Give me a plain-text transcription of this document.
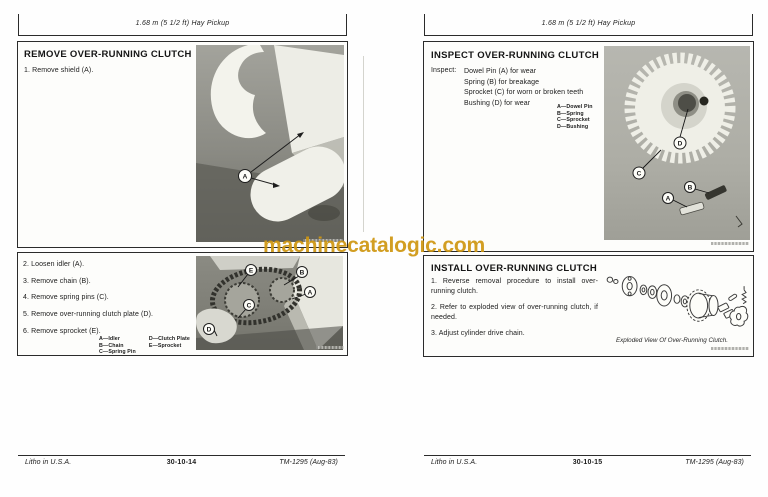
1.68 m (5 1/2 ft) Hay Pickup
REMOVE OVER-RUNNING CLUTCH

1. Remove shield (A).

A

2. Loosen idler (A).

3. Remove chain (B).

4. Remove spring pins (C).

5. Remove over-running clutch plate (D).

6. Remove sprocket (E).

A—Idler
B—Chain
C—Spring Pin
D—Clutch Plate
E—Sprocket
E	B
A
C
D
Litho in U.S.A.	30-10-14	TM-1295 (Aug-83)
1.68 m (5 1/2 ft) Hay Pickup
INSPECT OVER-RUNNING CLUTCH
Inspect:	Dowel Pin (A) for wear
Spring (B) for breakage
Sprocket (C) for worn or broken teeth
Bushing (D) for wear
A—Dowel Pin
B—Spring
C—Sprocket
D—Bushing
D
C
B
A
INSTALL OVER-RUNNING CLUTCH

1. Reverse removal procedure to install over-running clutch.

2. Refer to exploded view of over-running clutch, if needed.

3. Adjust cylinder drive chain.

Exploded View Of Over-Running Clutch.
Litho in U.S.A.	30-10-15	TM-1295 (Aug-83)
machinecatalogic.com
